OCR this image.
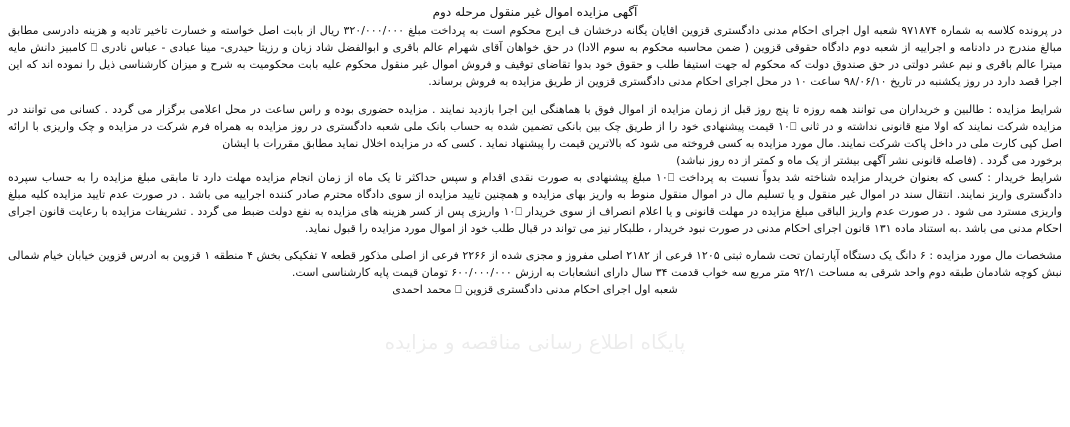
آگهی مزایده اموال غیر منقول مرحله دوم

در پرونده کلاسه به شماره ۹۷۱۸۷۴ شعبه اول اجرای احکام مدنی دادگستری قزوین اقایان یگانه درخشان ف ایرج محکوم است به پرداخت مبلغ ۳۲۰/۰۰۰/۰۰۰ ریال از بابت اصل خواسته و خسارت تاخیر تادیه و هزینه دادرسی مطابق مبالغ مندرج در دادنامه و اجراییه از شعبه دوم دادگاه حقوقی قزوین ( ضمن محاسبه محکوم به سوم الادا) در حق خواهان آقای شهرام عالم باقری و ابوالفضل شاد زبان و رزیتا حیدری- مینا عبادی - عباس نادری ⎕ کامبیز دانش مایه میترا عالم باقری و نیم عشر دولتی در حق صندوق دولت که محکوم له جهت استیفا طلب و حقوق خود بدوا تقاضای توقیف و فروش اموال غیر منقول محکوم علیه بابت محکومیت به شرح و میزان کارشناسی ذیل را نموده اند که این اجرا قصد دارد در روز یکشنبه در تاریخ ۹۸/۰۶/۱۰ ساعت ۱۰ در محل اجرای احکام مدنی دادگستری قزوین از طریق مزایده به فروش برساند.

شرایط مزایده : طالبین و خریداران می توانند همه روزه تا پنج روز قبل از زمان مزایده از اموال فوق با هماهنگی این اجرا بازدید نمایند . مزایده حضوری بوده و راس ساعت در محل اعلامی برگزار می گردد . کسانی می توانند در مزایده شرکت نمایند که اولا منع قانونی نداشته و در ثانی ۱۰⎕ قیمت پیشنهادی خود را از طریق چک بین بانکی تضمین شده به حساب بانک ملی شعبه دادگستری در روز مزایده به همراه فرم شرکت در مزایده و چک واریزی با ارائه اصل کپی کارت ملی در داخل پاکت شرکت نمایند. مال مورد مزایده به کسی فروخته می شود که بالاترین قیمت را پیشنهاد نماید . کسی که در مزایده اخلال نماید مطابق مقررات با ایشان
برخورد می گردد . (فاصله قانونی نشر آگهی بیشتر از یک ماه و کمتر از ده روز نباشد)

شرایط خریدار : کسی که بعنوان خریدار مزایده شناخته شد بدواً نسبت به پرداخت ۱۰⎕ مبلغ پیشنهادی به صورت نقدی اقدام و سپس حداکثر تا یک ماه از زمان انجام مزایده مهلت دارد تا مابقی مبلغ مزایده را به حساب سپرده دادگستری واریز نمایند. انتقال سند در اموال غیر منقول و یا تسلیم مال در اموال منقول منوط به واریز بهای مزایده و همچنین تایید مزایده از سوی دادگاه محترم صادر کننده اجراییه می باشد . در صورت عدم تایید مزایده کلیه مبلغ واریزی مسترد می شود . در صورت عدم واریز الباقی مبلغ مزایده در مهلت قانونی و یا اعلام انصراف از سوی خریدار ۱۰⎕ واریزی پس از کسر هزینه های مزایده به نفع دولت ضبط می گردد . تشریفات مزایده با رعایت قانون اجرای احکام مدنی می باشد .به استناد ماده ۱۳۱ قانون اجرای احکام مدنی در صورت نبود خریدار ، طلبکار نیز می تواند در قبال طلب خود از اموال مورد مزایده را قبول نماید.

مشخصات مال مورد مزایده : ۶ دانگ یک دستگاه آپارتمان تحت شماره ثبتی ۱۲۰۵ فرعی از ۲۱۸۲ اصلی مفروز و مجزی شده از ۲۲۶۶ فرعی از اصلی مذکور قطعه ۷ تفکیکی بخش ۴ منطقه ۱ قزوین به ادرس قزوین خیابان خیام شمالی نبش کوچه شادمان طبقه دوم واحد شرقی به مساحت ۹۲/۱ متر مربع سه خواب قدمت ۳۴ سال دارای انشعابات به ارزش ۶۰۰/۰۰۰/۰۰۰ تومان قیمت پایه کارشناسی است.

شعبه اول اجرای احکام مدنی دادگستری قزوین ⎕ محمد احمدی
پایگاه اطلاع رسانی مناقصه و مزایده
